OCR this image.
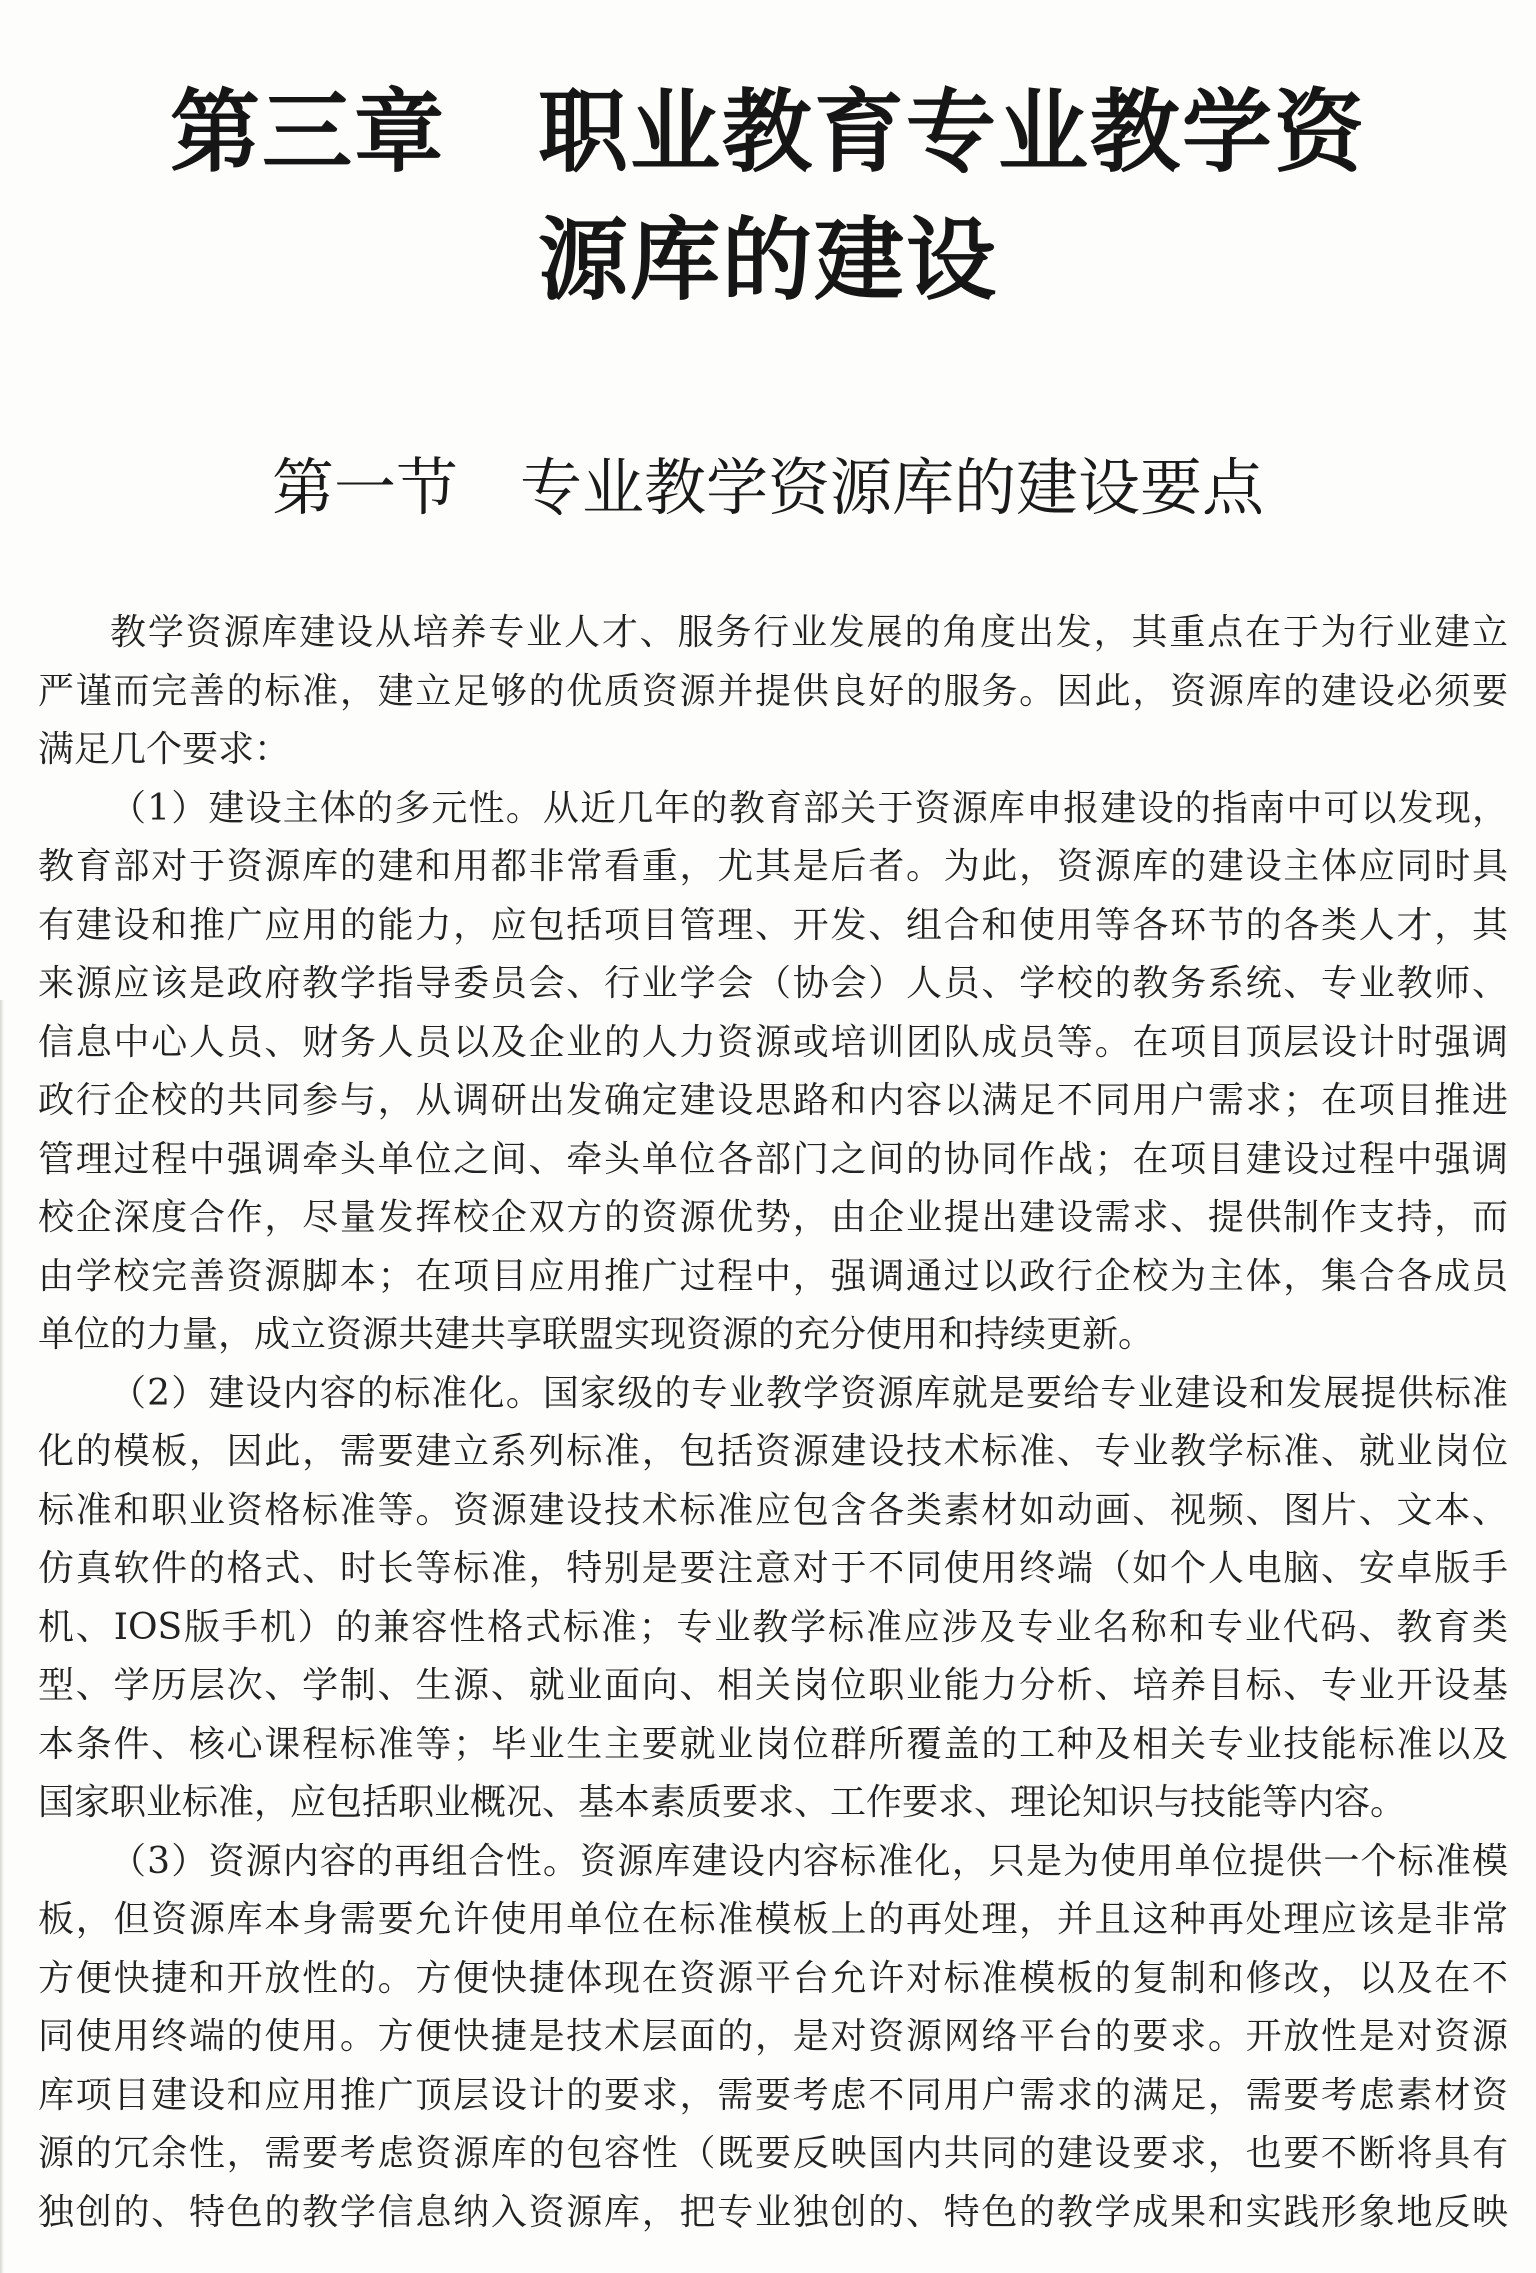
第三章　职业教育专业教学资
源库的建设
第一节　专业教学资源库的建设要点
教学资源库建设从培养专业人才、服务行业发展的角度出发，其重点在于为行业建立
严谨而完善的标准，建立足够的优质资源并提供良好的服务。因此，资源库的建设必须要
满足几个要求：
（1）建设主体的多元性。从近几年的教育部关于资源库申报建设的指南中可以发现，
教育部对于资源库的建和用都非常看重，尤其是后者。为此，资源库的建设主体应同时具
有建设和推广应用的能力，应包括项目管理、开发、组合和使用等各环节的各类人才，其
来源应该是政府教学指导委员会、行业学会（协会）人员、学校的教务系统、专业教师、
信息中心人员、财务人员以及企业的人力资源或培训团队成员等。在项目顶层设计时强调
政行企校的共同参与，从调研出发确定建设思路和内容以满足不同用户需求；在项目推进
管理过程中强调牵头单位之间、牵头单位各部门之间的协同作战；在项目建设过程中强调
校企深度合作，尽量发挥校企双方的资源优势，由企业提出建设需求、提供制作支持，而
由学校完善资源脚本；在项目应用推广过程中，强调通过以政行企校为主体，集合各成员
单位的力量，成立资源共建共享联盟实现资源的充分使用和持续更新。
（2）建设内容的标准化。国家级的专业教学资源库就是要给专业建设和发展提供标准
化的模板，因此，需要建立系列标准，包括资源建设技术标准、专业教学标准、就业岗位
标准和职业资格标准等。资源建设技术标准应包含各类素材如动画、视频、图片、文本、
仿真软件的格式、时长等标准，特别是要注意对于不同使用终端（如个人电脑、安卓版手
机、IOS版手机）的兼容性格式标准；专业教学标准应涉及专业名称和专业代码、教育类
型、学历层次、学制、生源、就业面向、相关岗位职业能力分析、培养目标、专业开设基
本条件、核心课程标准等；毕业生主要就业岗位群所覆盖的工种及相关专业技能标准以及
国家职业标准，应包括职业概况、基本素质要求、工作要求、理论知识与技能等内容。
（3）资源内容的再组合性。资源库建设内容标准化，只是为使用单位提供一个标准模
板，但资源库本身需要允许使用单位在标准模板上的再处理，并且这种再处理应该是非常
方便快捷和开放性的。方便快捷体现在资源平台允许对标准模板的复制和修改，以及在不
同使用终端的使用。方便快捷是技术层面的，是对资源网络平台的要求。开放性是对资源
库项目建设和应用推广顶层设计的要求，需要考虑不同用户需求的满足，需要考虑素材资
源的冗余性，需要考虑资源库的包容性（既要反映国内共同的建设要求，也要不断将具有
独创的、特色的教学信息纳入资源库，把专业独创的、特色的教学成果和实践形象地反映
